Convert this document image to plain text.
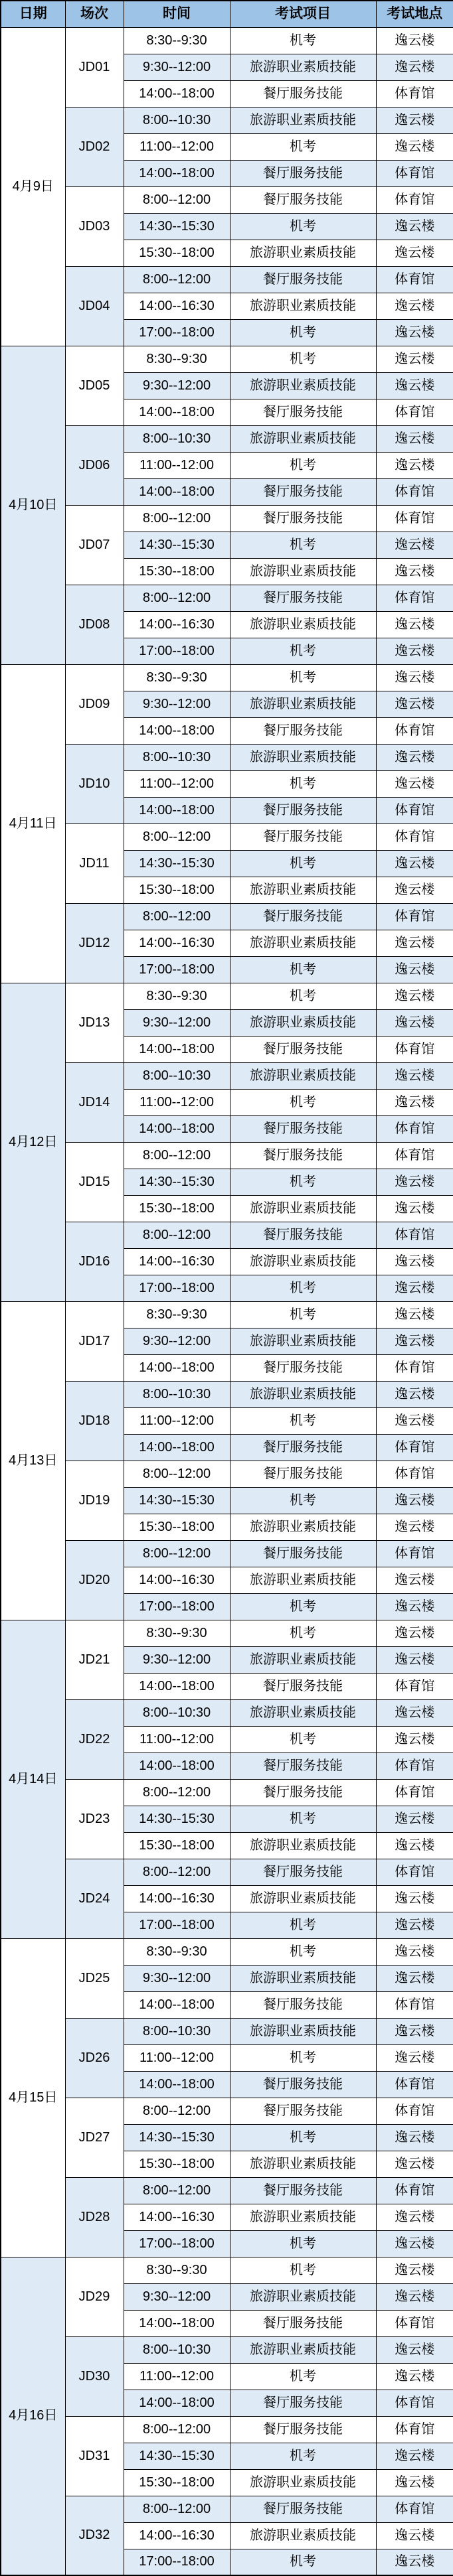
日期	场次	时间	考试项目	考试地点
4月9日	JD01	8:30--9:30	机考	逸云楼
		9:30--12:00	旅游职业素质技能	逸云楼
		14:00--18:00	餐厅服务技能	体育馆
	JD02	8:00--10:30	旅游职业素质技能	逸云楼
		11:00--12:00	机考	逸云楼
		14:00--18:00	餐厅服务技能	体育馆
	JD03	8:00--12:00	餐厅服务技能	体育馆
		14:30--15:30	机考	逸云楼
		15:30--18:00	旅游职业素质技能	逸云楼
	JD04	8:00--12:00	餐厅服务技能	体育馆
		14:00--16:30	旅游职业素质技能	逸云楼
		17:00--18:00	机考	逸云楼
4月10日	JD05	8:30--9:30	机考	逸云楼
		9:30--12:00	旅游职业素质技能	逸云楼
		14:00--18:00	餐厅服务技能	体育馆
	JD06	8:00--10:30	旅游职业素质技能	逸云楼
		11:00--12:00	机考	逸云楼
		14:00--18:00	餐厅服务技能	体育馆
	JD07	8:00--12:00	餐厅服务技能	体育馆
		14:30--15:30	机考	逸云楼
		15:30--18:00	旅游职业素质技能	逸云楼
	JD08	8:00--12:00	餐厅服务技能	体育馆
		14:00--16:30	旅游职业素质技能	逸云楼
		17:00--18:00	机考	逸云楼
4月11日	JD09	8:30--9:30	机考	逸云楼
		9:30--12:00	旅游职业素质技能	逸云楼
		14:00--18:00	餐厅服务技能	体育馆
	JD10	8:00--10:30	旅游职业素质技能	逸云楼
		11:00--12:00	机考	逸云楼
		14:00--18:00	餐厅服务技能	体育馆
	JD11	8:00--12:00	餐厅服务技能	体育馆
		14:30--15:30	机考	逸云楼
		15:30--18:00	旅游职业素质技能	逸云楼
	JD12	8:00--12:00	餐厅服务技能	体育馆
		14:00--16:30	旅游职业素质技能	逸云楼
		17:00--18:00	机考	逸云楼
4月12日	JD13	8:30--9:30	机考	逸云楼
		9:30--12:00	旅游职业素质技能	逸云楼
		14:00--18:00	餐厅服务技能	体育馆
	JD14	8:00--10:30	旅游职业素质技能	逸云楼
		11:00--12:00	机考	逸云楼
		14:00--18:00	餐厅服务技能	体育馆
	JD15	8:00--12:00	餐厅服务技能	体育馆
		14:30--15:30	机考	逸云楼
		15:30--18:00	旅游职业素质技能	逸云楼
	JD16	8:00--12:00	餐厅服务技能	体育馆
		14:00--16:30	旅游职业素质技能	逸云楼
		17:00--18:00	机考	逸云楼
4月13日	JD17	8:30--9:30	机考	逸云楼
		9:30--12:00	旅游职业素质技能	逸云楼
		14:00--18:00	餐厅服务技能	体育馆
	JD18	8:00--10:30	旅游职业素质技能	逸云楼
		11:00--12:00	机考	逸云楼
		14:00--18:00	餐厅服务技能	体育馆
	JD19	8:00--12:00	餐厅服务技能	体育馆
		14:30--15:30	机考	逸云楼
		15:30--18:00	旅游职业素质技能	逸云楼
	JD20	8:00--12:00	餐厅服务技能	体育馆
		14:00--16:30	旅游职业素质技能	逸云楼
		17:00--18:00	机考	逸云楼
4月14日	JD21	8:30--9:30	机考	逸云楼
		9:30--12:00	旅游职业素质技能	逸云楼
		14:00--18:00	餐厅服务技能	体育馆
	JD22	8:00--10:30	旅游职业素质技能	逸云楼
		11:00--12:00	机考	逸云楼
		14:00--18:00	餐厅服务技能	体育馆
	JD23	8:00--12:00	餐厅服务技能	体育馆
		14:30--15:30	机考	逸云楼
		15:30--18:00	旅游职业素质技能	逸云楼
	JD24	8:00--12:00	餐厅服务技能	体育馆
		14:00--16:30	旅游职业素质技能	逸云楼
		17:00--18:00	机考	逸云楼
4月15日	JD25	8:30--9:30	机考	逸云楼
		9:30--12:00	旅游职业素质技能	逸云楼
		14:00--18:00	餐厅服务技能	体育馆
	JD26	8:00--10:30	旅游职业素质技能	逸云楼
		11:00--12:00	机考	逸云楼
		14:00--18:00	餐厅服务技能	体育馆
	JD27	8:00--12:00	餐厅服务技能	体育馆
		14:30--15:30	机考	逸云楼
		15:30--18:00	旅游职业素质技能	逸云楼
	JD28	8:00--12:00	餐厅服务技能	体育馆
		14:00--16:30	旅游职业素质技能	逸云楼
		17:00--18:00	机考	逸云楼
4月16日	JD29	8:30--9:30	机考	逸云楼
		9:30--12:00	旅游职业素质技能	逸云楼
		14:00--18:00	餐厅服务技能	体育馆
	JD30	8:00--10:30	旅游职业素质技能	逸云楼
		11:00--12:00	机考	逸云楼
		14:00--18:00	餐厅服务技能	体育馆
	JD31	8:00--12:00	餐厅服务技能	体育馆
		14:30--15:30	机考	逸云楼
		15:30--18:00	旅游职业素质技能	逸云楼
	JD32	8:00--12:00	餐厅服务技能	体育馆
		14:00--16:30	旅游职业素质技能	逸云楼
		17:00--18:00	机考	逸云楼
